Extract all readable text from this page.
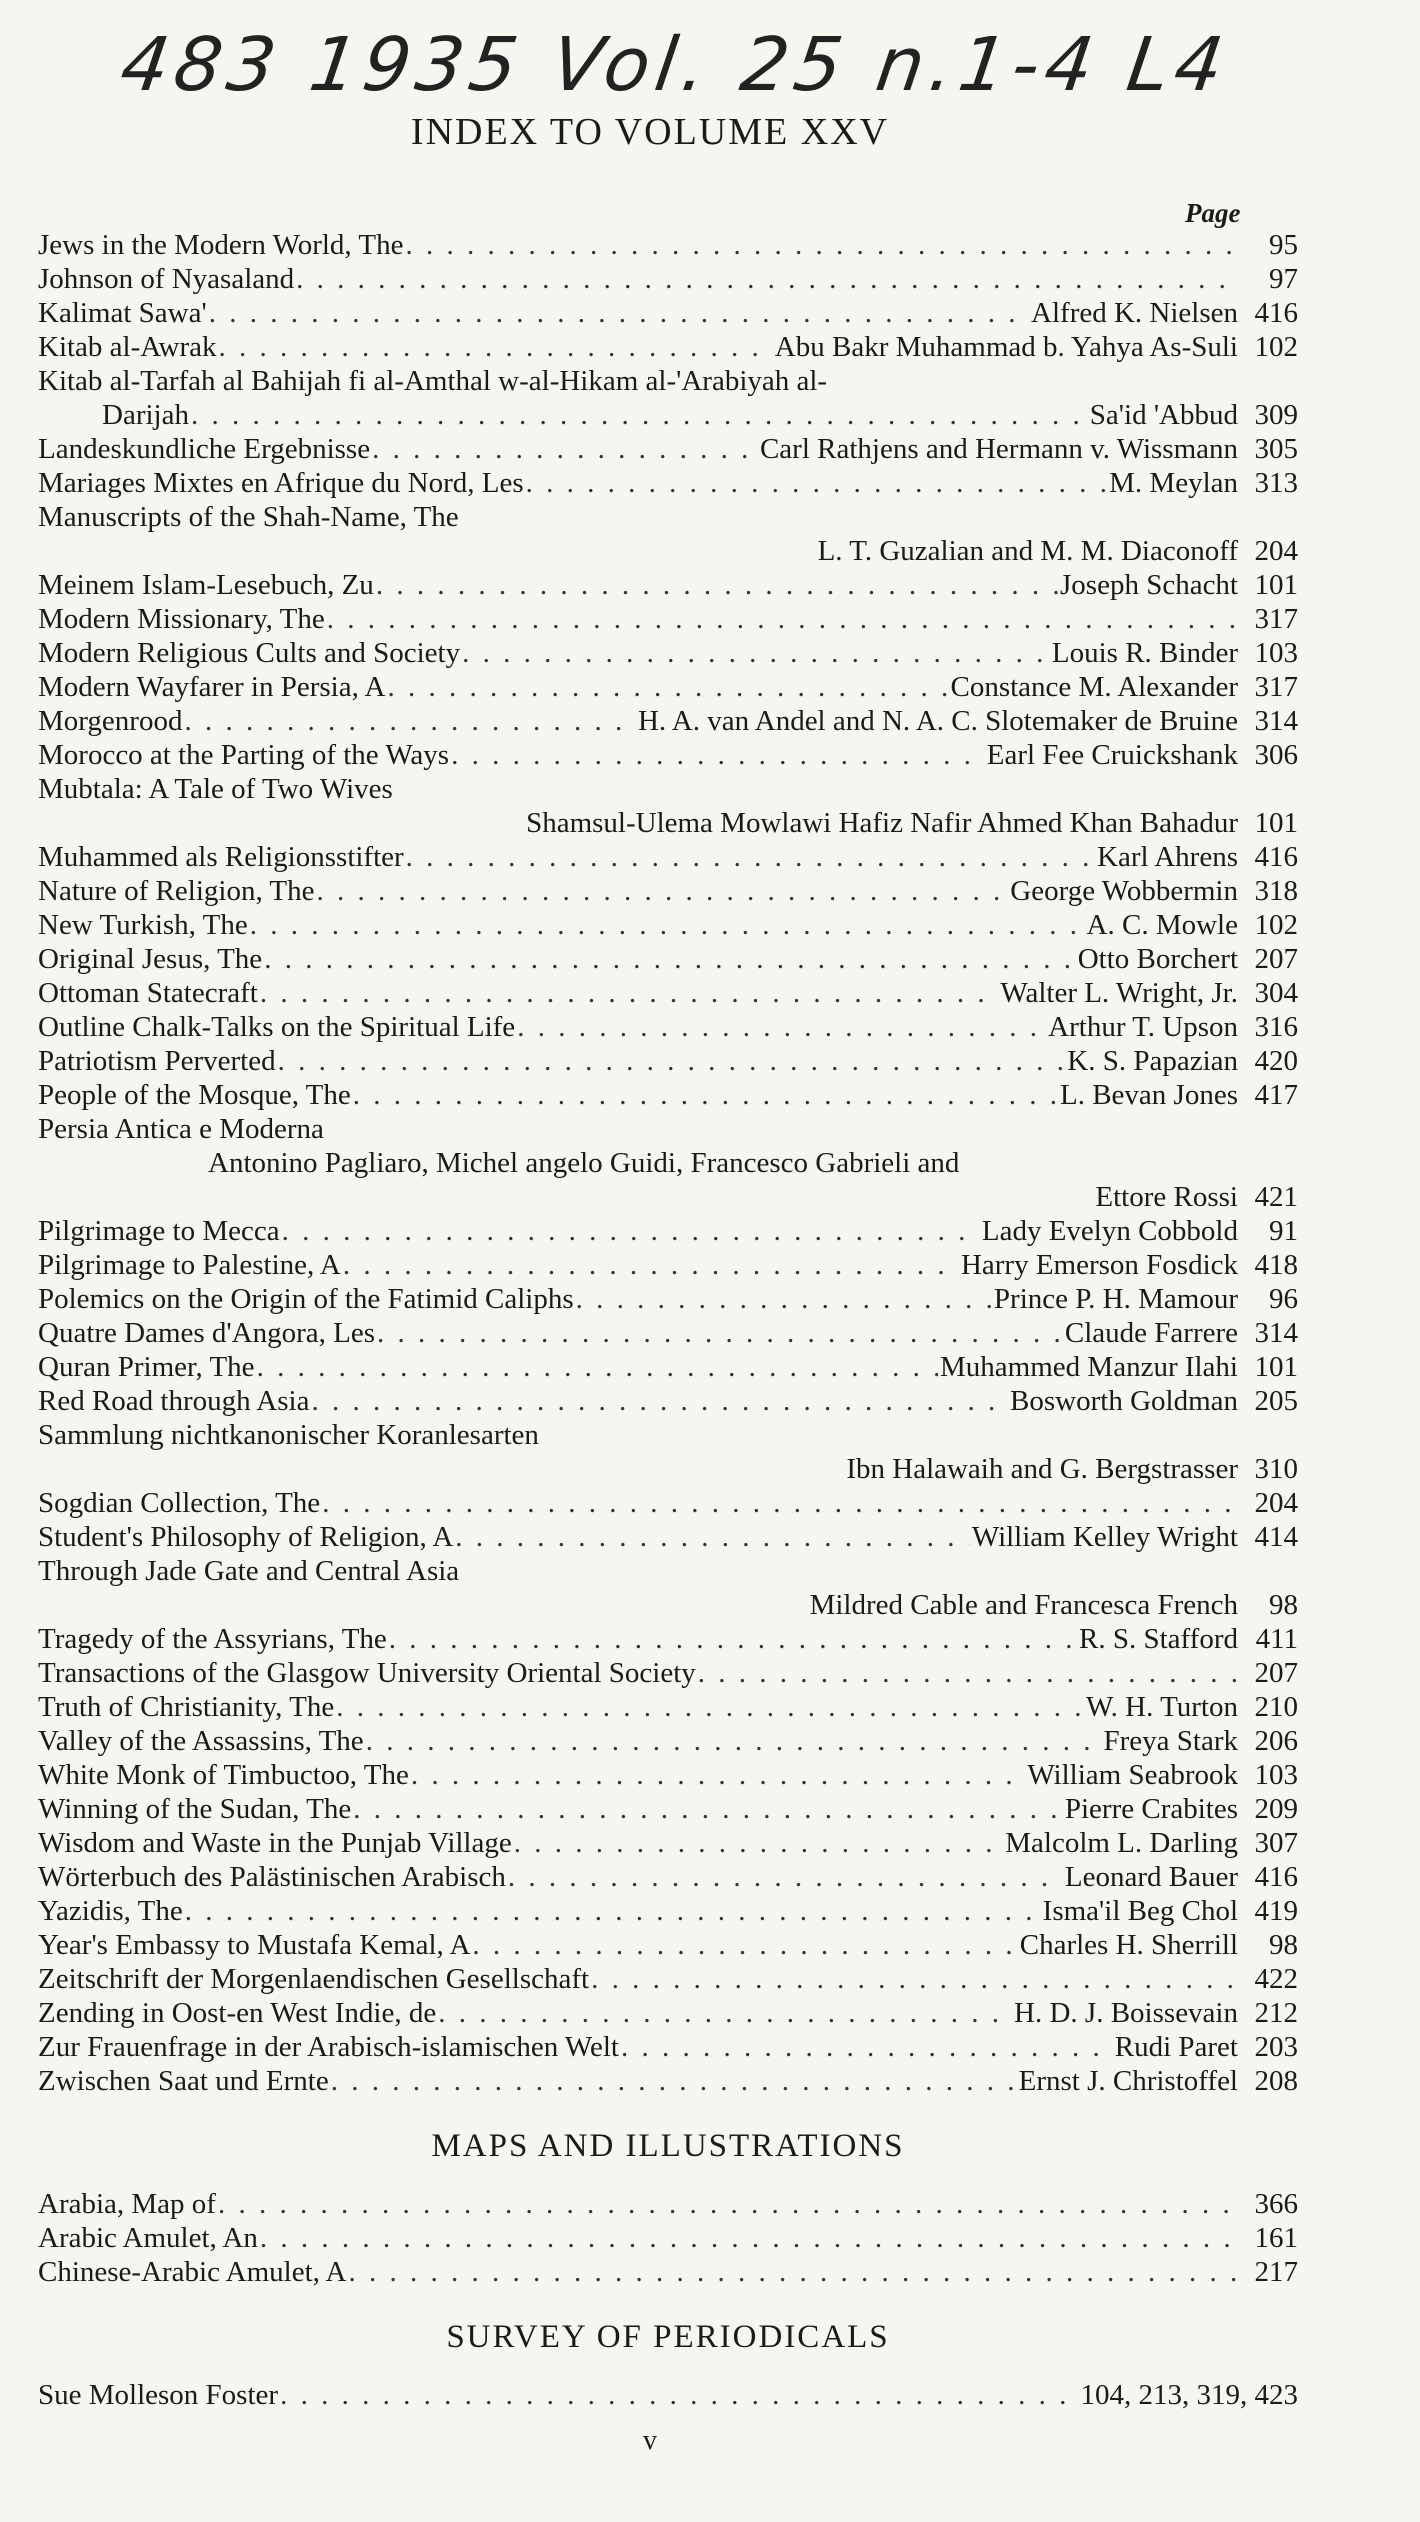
483 1935 Vol. 25 n.1-4 L4
INDEX TO VOLUME XXV
Page
Jews in the Modern World, The . . .	95
Johnson of Nyasaland . . .	97
Kalimat Sawa' . . .	Alfred K. Nielsen 416
Kitab al-Awrak . . .	Abu Bakr Muhammad b. Yahya As-Suli 102
Kitab al-Tarfah al Bahijah fi al-Amthal w-al-Hikam al-'Arabiyah al-
Darijah . . .	Sa'id 'Abbud 309
Landeskundliche Ergebnisse . . .	Carl Rathjens and Hermann v. Wissmann 305
Mariages Mixtes en Afrique du Nord, Les . . .	M. Meylan 313
Manuscripts of the Shah-Name, The
L. T. Guzalian and M. M. Diaconoff 204
Meinem Islam-Lesebuch, Zu . . .	Joseph Schacht 101
Modern Missionary, The . . .	317
Modern Religious Cults and Society . . .	Louis R. Binder 103
Modern Wayfarer in Persia, A . . .	Constance M. Alexander 317
Morgenrood . . .	H. A. van Andel and N. A. C. Slotemaker de Bruine 314
Morocco at the Parting of the Ways . . .	Earl Fee Cruickshank 306
Mubtala: A Tale of Two Wives
Shamsul-Ulema Mowlawi Hafiz Nafir Ahmed Khan Bahadur 101
Muhammed als Religionsstifter . . .	Karl Ahrens 416
Nature of Religion, The . . .	George Wobbermin 318
New Turkish, The . . .	A. C. Mowle 102
Original Jesus, The . . .	Otto Borchert 207
Ottoman Statecraft . . .	Walter L. Wright, Jr. 304
Outline Chalk-Talks on the Spiritual Life . . .	Arthur T. Upson 316
Patriotism Perverted . . .	K. S. Papazian 420
People of the Mosque, The . . .	L. Bevan Jones 417
Persia Antica e Moderna
Antonino Pagliaro, Michel angelo Guidi, Francesco Gabrieli and
Ettore Rossi 421
Pilgrimage to Mecca . . .	Lady Evelyn Cobbold	91
Pilgrimage to Palestine, A . . .	Harry Emerson Fosdick 418
Polemics on the Origin of the Fatimid Caliphs . . .	Prince P. H. Mamour	96
Quatre Dames d'Angora, Les . . .	Claude Farrere 314
Quran Primer, The . . .	Muhammed Manzur Ilahi 101
Red Road through Asia . . .	Bosworth Goldman 205
Sammlung nichtkanonischer Koranlesarten
Ibn Halawaih and G. Bergstrasser 310
Sogdian Collection, The . . .	204
Student's Philosophy of Religion, A . . .	William Kelley Wright 414
Through Jade Gate and Central Asia
Mildred Cable and Francesca French	98
Tragedy of the Assyrians, The . . .	R. S. Stafford 411
Transactions of the Glasgow University Oriental Society . . .	207
Truth of Christianity, The . . .	W. H. Turton 210
Valley of the Assassins, The . . .	Freya Stark 206
White Monk of Timbuctoo, The . . .	William Seabrook 103
Winning of the Sudan, The . . .	Pierre Crabites 209
Wisdom and Waste in the Punjab Village . . .	Malcolm L. Darling 307
Wörterbuch des Palästinischen Arabisch . . .	Leonard Bauer 416
Yazidis, The . . .	Isma'il Beg Chol 419
Year's Embassy to Mustafa Kemal, A . . .	Charles H. Sherrill	98
Zeitschrift der Morgenlaendischen Gesellschaft . . .	422
Zending in Oost-en West Indie, de . . .	H. D. J. Boissevain 212
Zur Frauenfrage in der Arabisch-islamischen Welt . . .	Rudi Paret 203
Zwischen Saat und Ernte . . .	Ernst J. Christoffel 208
MAPS AND ILLUSTRATIONS
Arabia, Map of . . .	366
Arabic Amulet, An . . .	161
Chinese-Arabic Amulet, A . . .	217
SURVEY OF PERIODICALS
Sue Molleson Foster . . .	104, 213, 319, 423
v
